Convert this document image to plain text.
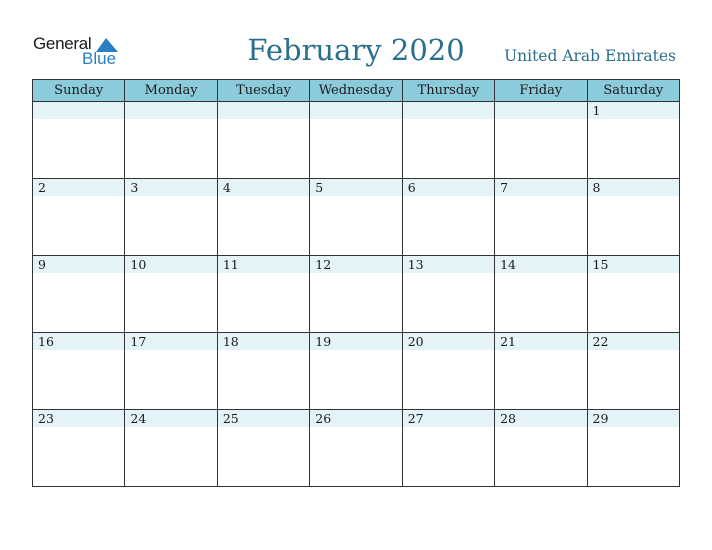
General
Blue	February 2020	United Arab Emirates
Sunday	Monday	Tuesday	Wednesday	Thursday	Friday	Saturday

						1

2	3	4	5	6	7	8

9	10	11	12	13	14	15

16	17	18	19	20	21	22

23	24	25	26	27	28	29
